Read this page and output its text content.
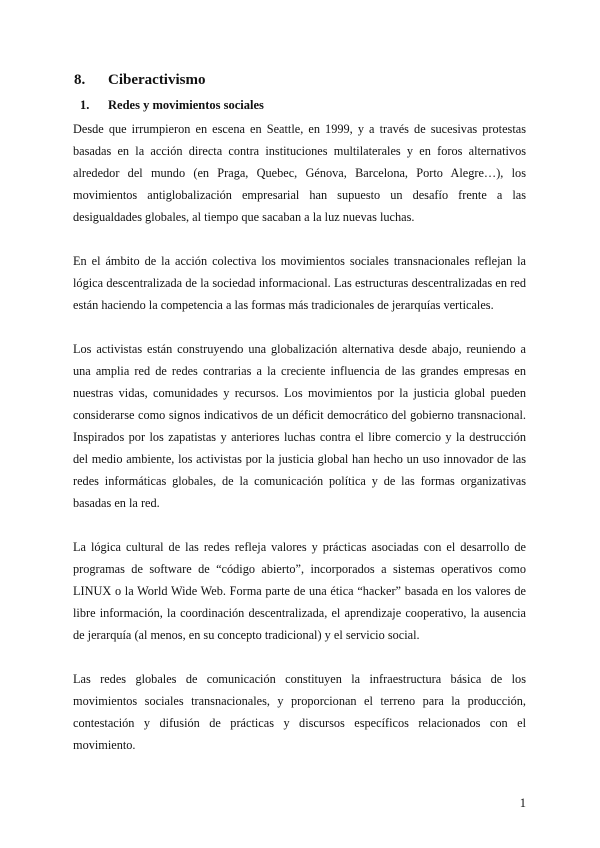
8.	Ciberactivismo
1.	Redes y movimientos sociales

Desde que irrumpieron en escena en Seattle, en 1999, y a través de sucesivas protestas basadas en la acción directa contra instituciones multilaterales y en foros alternativos alrededor del mundo (en Praga, Quebec, Génova, Barcelona, Porto Alegre…), los movimientos antiglobalización empresarial han supuesto un desafío frente a las desigualdades globales, al tiempo que sacaban a la luz nuevas luchas.

En el ámbito de la acción colectiva los movimientos sociales transnacionales reflejan la lógica descentralizada de la sociedad informacional. Las estructuras descentralizadas en red están haciendo la competencia a las formas más tradicionales de jerarquías verticales.

Los activistas están construyendo una globalización alternativa desde abajo, reuniendo a una amplia red de redes contrarias a la creciente influencia de las grandes empresas en nuestras vidas, comunidades y recursos. Los movimientos por la justicia global pueden considerarse como signos indicativos de un déficit democrático del gobierno transnacional. Inspirados por los zapatistas y anteriores luchas contra el libre comercio y la destrucción del medio ambiente, los activistas por la justicia global han hecho un uso innovador de las redes informáticas globales, de la comunicación política y de las formas organizativas basadas en la red.

La lógica cultural de las redes refleja valores y prácticas asociadas con el desarrollo de programas de software de “código abierto”, incorporados a sistemas operativos como LINUX o la World Wide Web. Forma parte de una ética “hacker” basada en los valores de libre información, la coordinación descentralizada, el aprendizaje cooperativo, la ausencia de jerarquía (al menos, en su concepto tradicional) y el servicio social.

Las redes globales de comunicación constituyen la infraestructura básica de los movimientos sociales transnacionales, y proporcionan el terreno para la producción, contestación y difusión de prácticas y discursos específicos relacionados con el movimiento.

1
